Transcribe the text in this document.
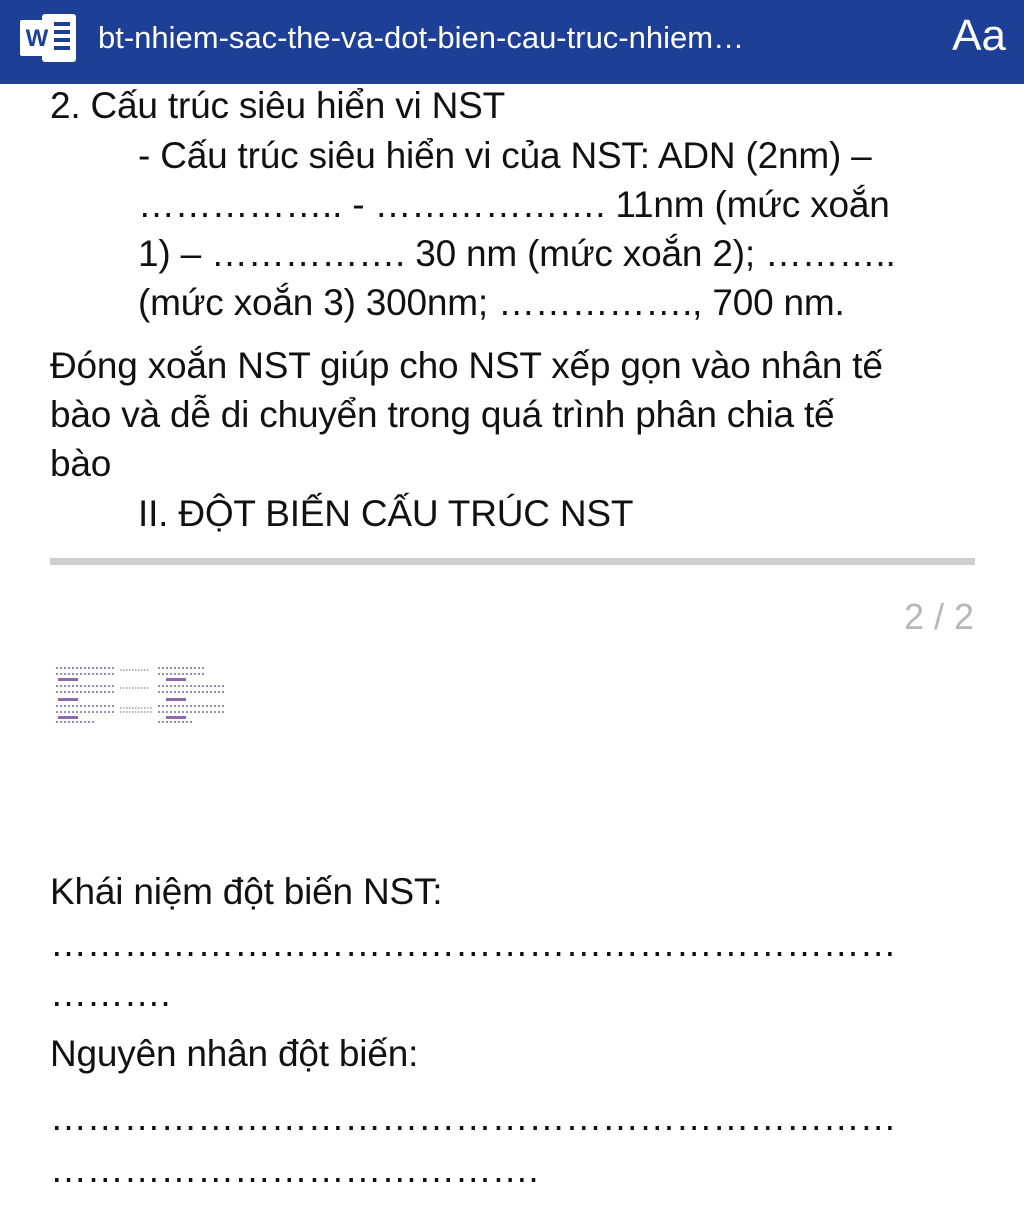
W bt-nhiem-sac-the-va-dot-bien-cau-truc-nhiem…	Aa
2. Cấu trúc siêu hiển vi NST
- Cấu trúc siêu hiển vi của NST: ADN (2nm) –
…………….. - ………………. 11nm (mức xoắn
1) – ……………. 30 nm (mức xoắn 2); ………..
(mức xoắn 3) 300nm; ……………., 700 nm.
Đóng xoắn NST giúp cho NST xếp gọn vào nhân tế
bào và dễ di chuyển trong quá trình phân chia tế
bào
II. ĐỘT BIẾN CẤU TRÚC NST
2 / 2
Khái niệm đột biến NST:
……………………………………………………………
……….
Nguyên nhân đột biến:
……………………………………………………………
………………………………….
